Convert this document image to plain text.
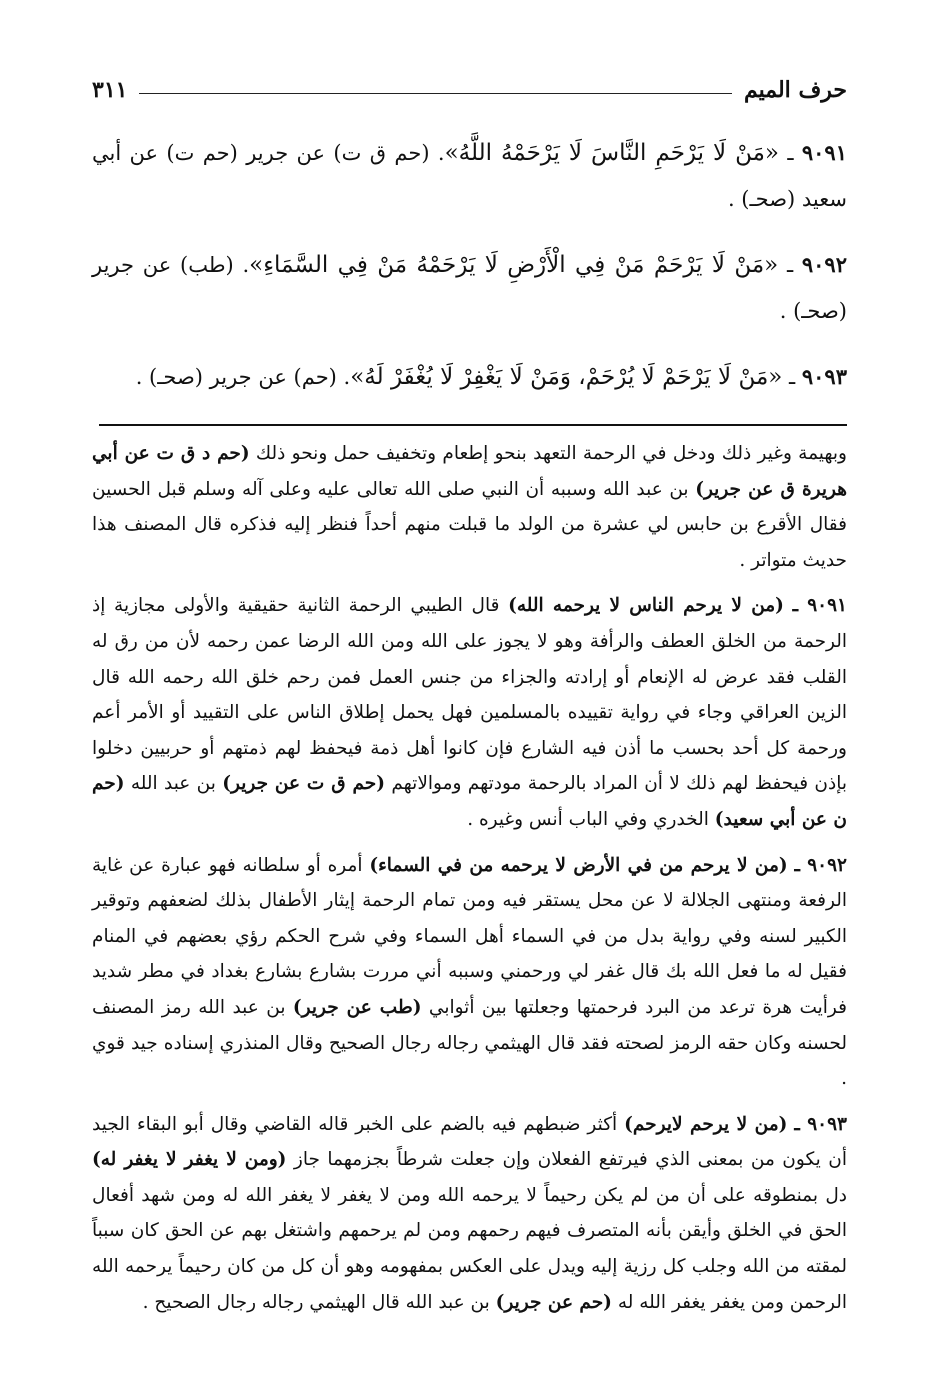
حرف الميم
٣١١
٩٠٩١ ـ «مَنْ لَا يَرْحَمِ النَّاسَ لَا يَرْحَمْهُ اللَّهُ». (حم ق ت) عن جرير (حم ت) عن أبي سعيد (صحـ) .
٩٠٩٢ ـ «مَنْ لَا يَرْحَمْ مَنْ فِي الْأَرْضِ لَا يَرْحَمْهُ مَنْ فِي السَّمَاءِ». (طب) عن جرير (صحـ) .
٩٠٩٣ ـ «مَنْ لَا يَرْحَمْ لَا يُرْحَمْ، وَمَنْ لَا يَغْفِرْ لَا يُغْفَرْ لَهُ». (حم) عن جرير (صحـ) .

وبهيمة وغير ذلك ودخل في الرحمة التعهد بنحو إطعام وتخفيف حمل ونحو ذلك (حم د ق ت عن أبي هريرة ق عن جرير) بن عبد الله وسببه أن النبي صلى الله تعالى عليه وعلى آله وسلم قبل الحسين فقال الأقرع بن حابس لي عشرة من الولد ما قبلت منهم أحداً فنظر إليه فذكره قال المصنف هذا حديث متواتر .

٩٠٩١ ـ (من لا يرحم الناس لا يرحمه الله) قال الطيبي الرحمة الثانية حقيقية والأولى مجازية إذ الرحمة من الخلق العطف والرأفة وهو لا يجوز على الله ومن الله الرضا عمن رحمه لأن من رق له القلب فقد عرض له الإنعام أو إرادته والجزاء من جنس العمل فمن رحم خلق الله رحمه الله قال الزين العراقي وجاء في رواية تقييده بالمسلمين فهل يحمل إطلاق الناس على التقييد أو الأمر أعم ورحمة كل أحد بحسب ما أذن فيه الشارع فإن كانوا أهل ذمة فيحفظ لهم ذمتهم أو حربيين دخلوا بإذن فيحفظ لهم ذلك لا أن المراد بالرحمة مودتهم وموالاتهم (حم ق ت عن جرير) بن عبد الله (حم ن عن أبي سعيد) الخدري وفي الباب أنس وغيره .

٩٠٩٢ ـ (من لا يرحم من في الأرض لا يرحمه من في السماء) أمره أو سلطانه فهو عبارة عن غاية الرفعة ومنتهى الجلالة لا عن محل يستقر فيه ومن تمام الرحمة إيثار الأطفال بذلك لضعفهم وتوقير الكبير لسنه وفي رواية بدل من في السماء أهل السماء وفي شرح الحكم رؤي بعضهم في المنام فقيل له ما فعل الله بك قال غفر لي ورحمني وسببه أني مررت بشارع بشارع بغداد في مطر شديد فرأيت هرة ترعد من البرد فرحمتها وجعلتها بين أثوابي (طب عن جرير) بن عبد الله رمز المصنف لحسنه وكان حقه الرمز لصحته فقد قال الهيثمي رجاله رجال الصحيح وقال المنذري إسناده جيد قوي .

٩٠٩٣ ـ (من لا يرحم لايرحم) أكثر ضبطهم فيه بالضم على الخبر قاله القاضي وقال أبو البقاء الجيد أن يكون من بمعنى الذي فيرتفع الفعلان وإن جعلت شرطاً بجزمهما جاز (ومن لا يغفر لا يغفر له) دل بمنطوقه على أن من لم يكن رحيماً لا يرحمه الله ومن لا يغفر لا يغفر الله له ومن شهد أفعال الحق في الخلق وأيقن بأنه المتصرف فيهم رحمهم ومن لم يرحمهم واشتغل بهم عن الحق كان سبباً لمقته من الله وجلب كل رزية إليه ويدل على العكس بمفهومه وهو أن كل من كان رحيماً يرحمه الله الرحمن ومن يغفر يغفر الله له (حم عن جرير) بن عبد الله قال الهيثمي رجاله رجال الصحيح .
